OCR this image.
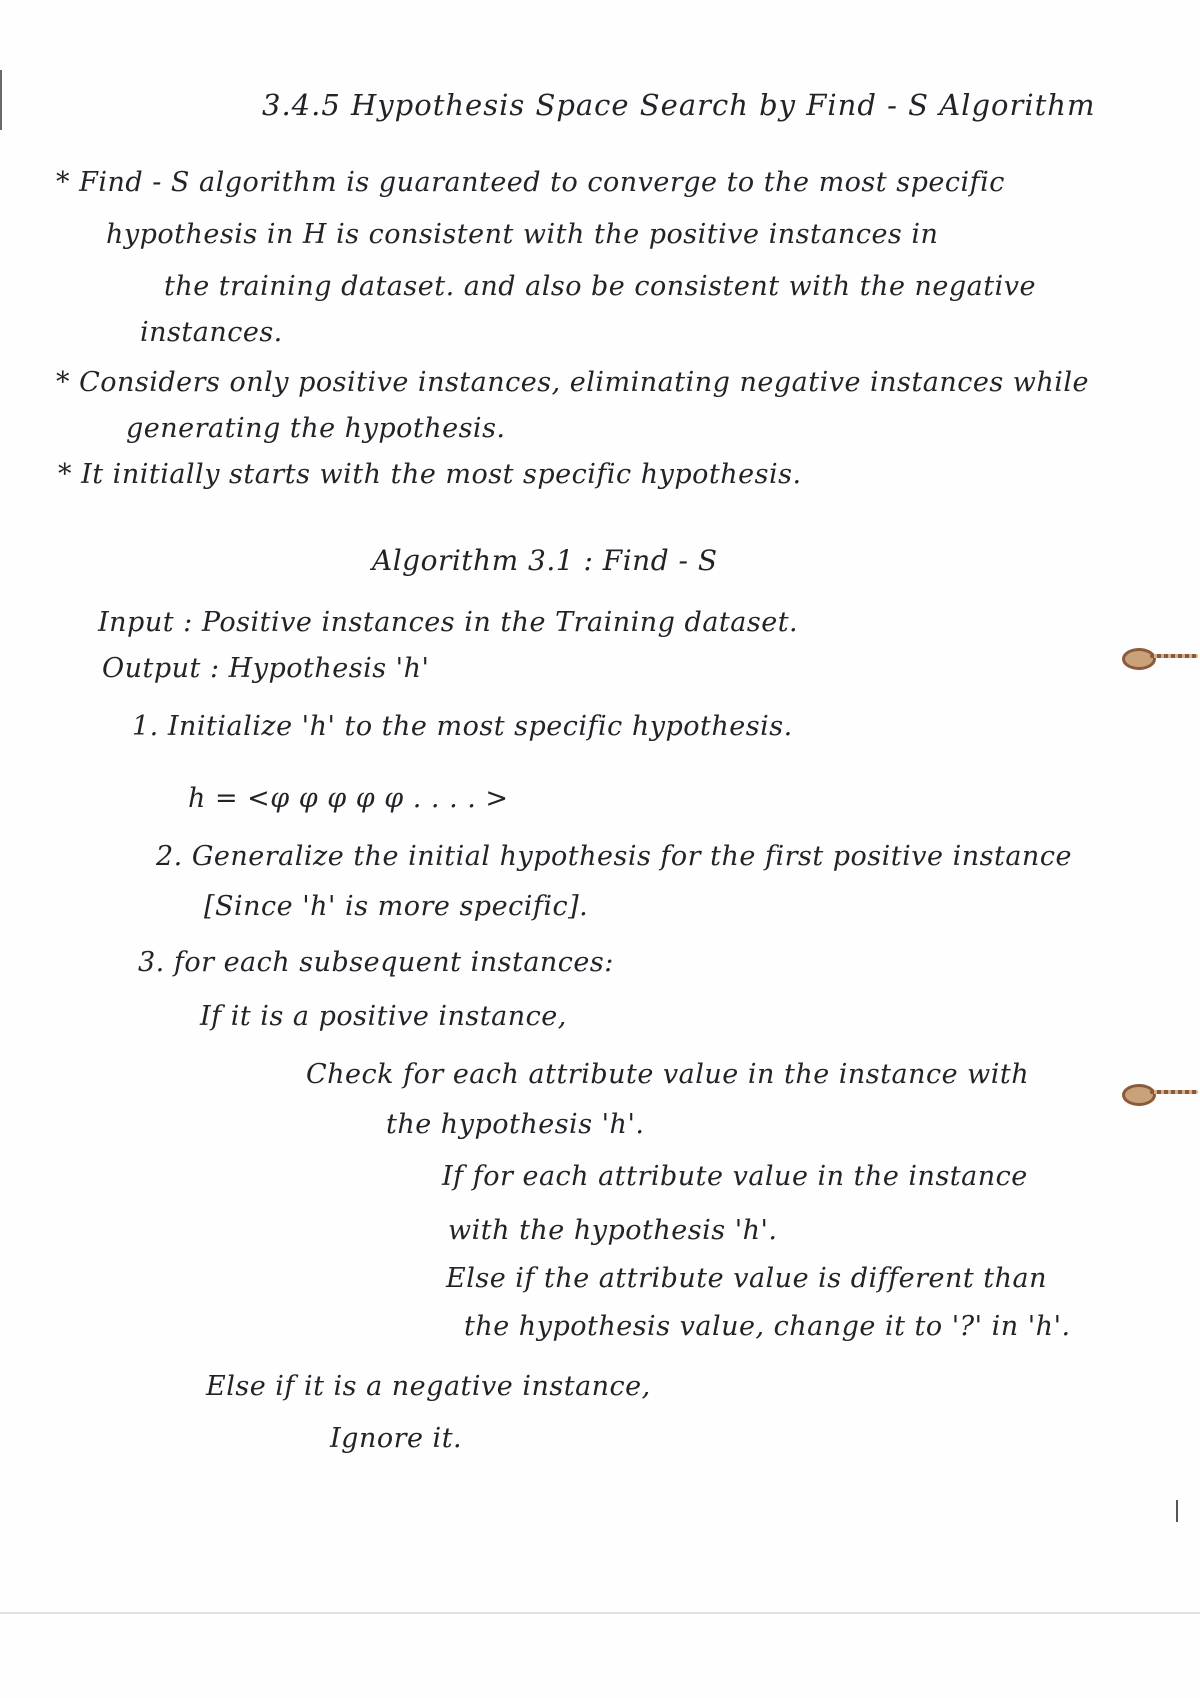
3.4.5 Hypothesis Space Search by Find - S Algorithm
* Find - S algorithm is guaranteed to converge to the most specific
hypothesis in H is consistent with the positive instances in
the training dataset. and also be consistent with the negative
instances.
* Considers only positive instances, eliminating negative instances while
generating the hypothesis.
* It initially starts with the most specific hypothesis.
Algorithm 3.1 : Find - S
Input : Positive instances in the Training dataset.
Output : Hypothesis 'h'
1. Initialize 'h' to the most specific hypothesis.
h = <φ φ φ φ φ . . . . >
2. Generalize the initial hypothesis for the first positive instance
[Since 'h' is more specific].
3. for each subsequent instances:
If it is a positive instance,
Check for each attribute value in the instance with
the hypothesis 'h'.
If for each attribute value in the instance
with the hypothesis 'h'.
Else if the attribute value is different than
the hypothesis value, change it to '?' in 'h'.
Else if it is a negative instance,
Ignore it.
